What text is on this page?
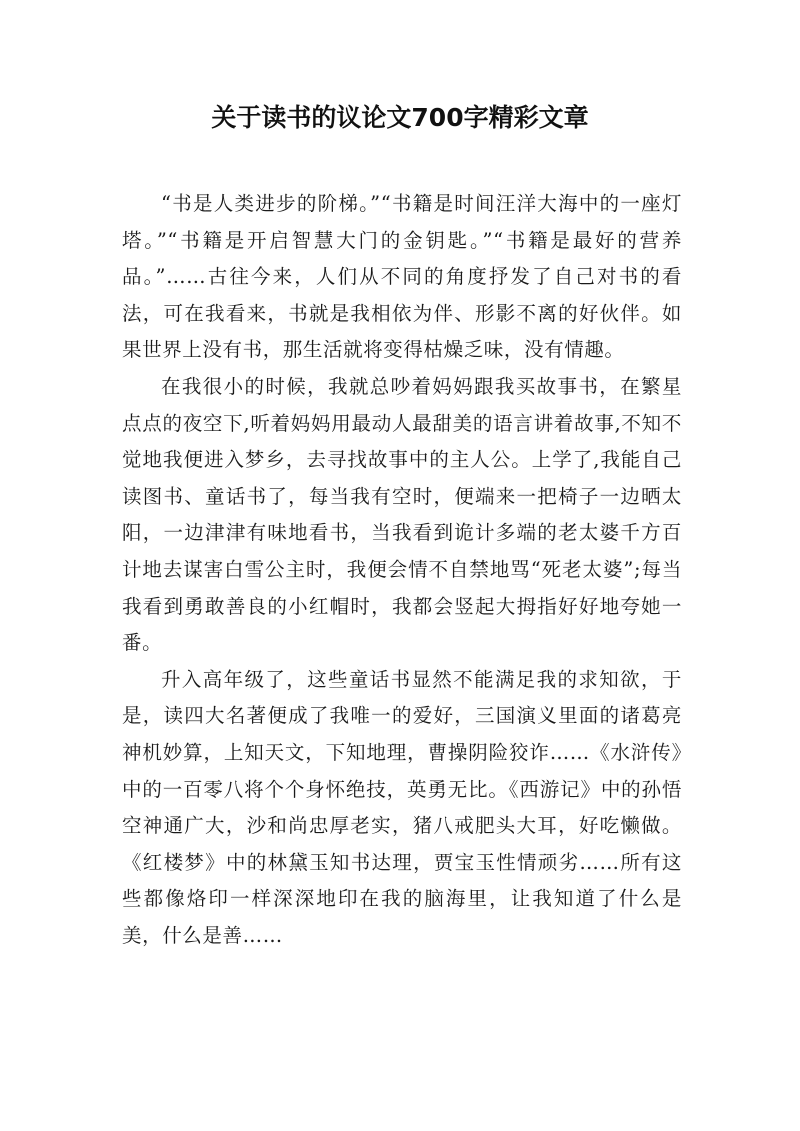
关于读书的议论文700字精彩文章

“书是人类进步的阶梯。”“书籍是时间汪洋大海中的一座灯塔。”“书籍是开启智慧大门的金钥匙。”“书籍是最好的营养品。”……古往今来，人们从不同的角度抒发了自己对书的看法，可在我看来，书就是我相依为伴、形影不离的好伙伴。如果世界上没有书，那生活就将变得枯燥乏味，没有情趣。

在我很小的时候，我就总吵着妈妈跟我买故事书，在繁星点点的夜空下,听着妈妈用最动人最甜美的语言讲着故事,不知不觉地我便进入梦乡，去寻找故事中的主人公。上学了,我能自己读图书、童话书了，每当我有空时，便端来一把椅子一边晒太阳，一边津津有味地看书，当我看到诡计多端的老太婆千方百计地去谋害白雪公主时，我便会情不自禁地骂“死老太婆”;每当我看到勇敢善良的小红帽时，我都会竖起大拇指好好地夸她一番。

升入高年级了，这些童话书显然不能满足我的求知欲，于是，读四大名著便成了我唯一的爱好，三国演义里面的诸葛亮神机妙算，上知天文，下知地理，曹操阴险狡诈……《水浒传》中的一百零八将个个身怀绝技，英勇无比。《西游记》中的孙悟空神通广大，沙和尚忠厚老实，猪八戒肥头大耳，好吃懒做。《红楼梦》中的林黛玉知书达理，贾宝玉性情顽劣……所有这些都像烙印一样深深地印在我的脑海里，让我知道了什么是美，什么是善……
